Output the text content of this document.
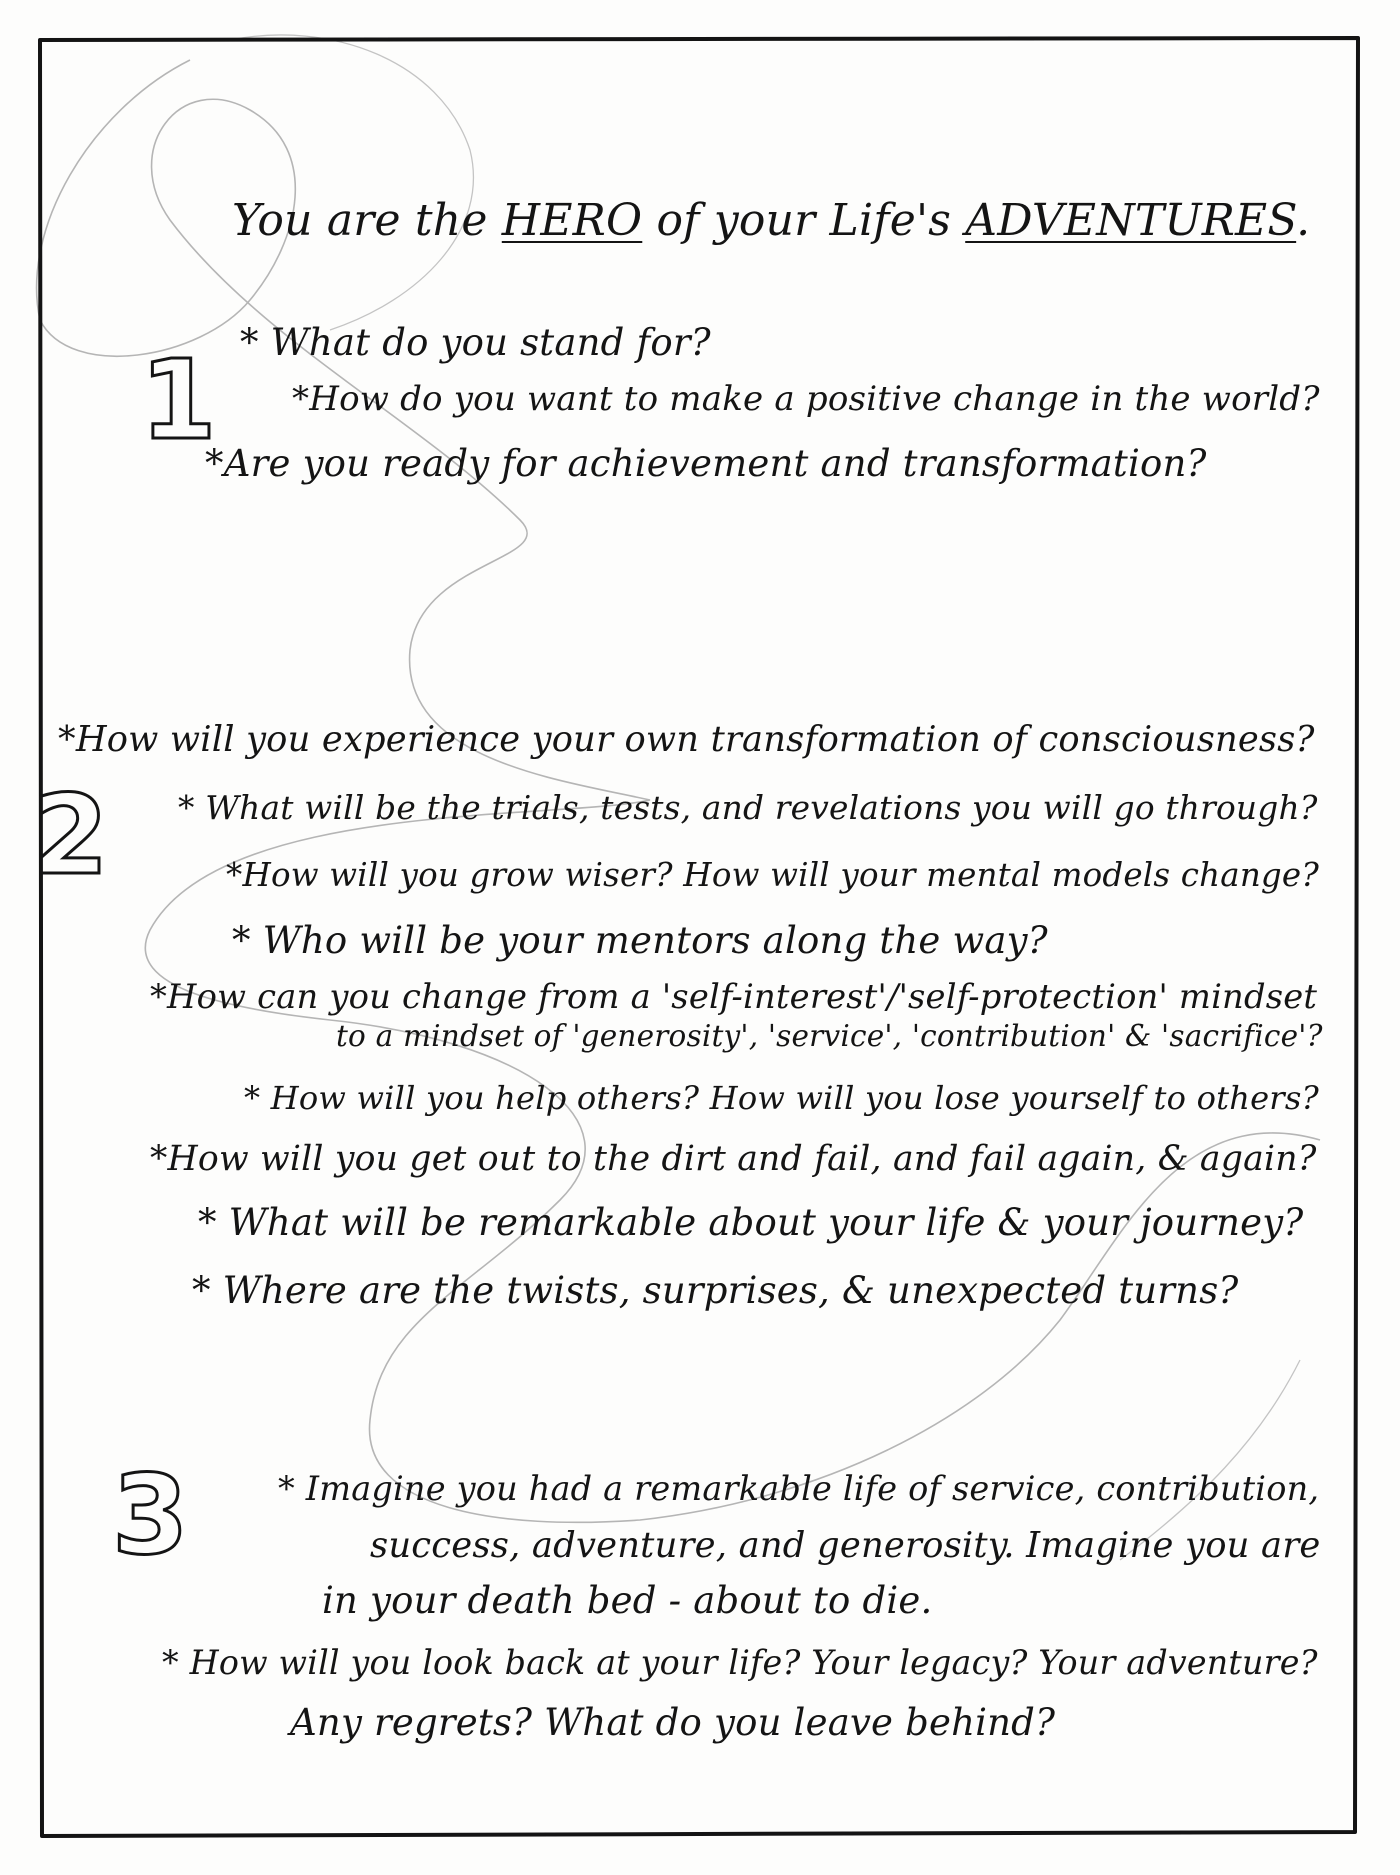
You are the HERO of your Life's ADVENTURES.
1 * What do you stand for?
*How do you want to make a positive change in the world?
*Are you ready for achievement and transformation?
2
*How will you experience your own transformation of consciousness?
* What will be the trials, tests, and revelations you will go through?
*How will you grow wiser? How will your mental models change?
* Who will be your mentors along the way?
*How can you change from a 'self-interest'/'self-protection' mindset
to a mindset of 'generosity', 'service', 'contribution' & 'sacrifice'?
* How will you help others? How will you lose yourself to others?
*How will you get out to the dirt and fail, and fail again, & again?
* What will be remarkable about your life & your journey?
* Where are the twists, surprises, & unexpected turns?
3	* Imagine you had a remarkable life of service, contribution,
success, adventure, and generosity. Imagine you are
in your death bed - about to die.
* How will you look back at your life? Your legacy? Your adventure?
Any regrets? What do you leave behind?
